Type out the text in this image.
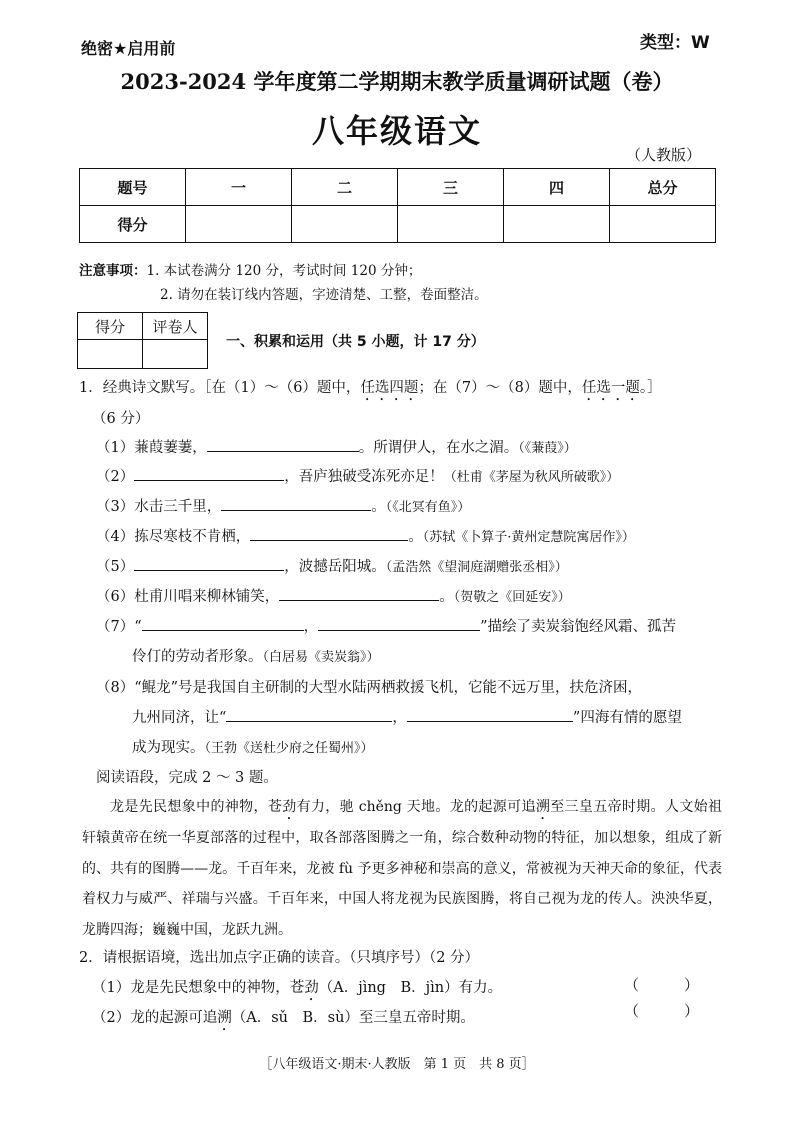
绝密★启用前	类型：W
2023-2024 学年度第二学期期末教学质量调研试题（卷）
八年级语文
（人教版）
题号	一	二	三	四	总分
得分					
注意事项：1. 本试卷满分 120 分，考试时间 120 分钟；
2. 请勿在装订线内答题，字迹清楚、工整，卷面整洁。
得分	评卷人

一、积累和运用（共 5 小题，计 17 分）
1．经典诗文默写。［在（1）～（6）题中，任选四题；在（7）～（8）题中，任选一题。］
（6 分）
（1）蒹葭萋萋，	。所谓伊人，在水之湄。（《蒹葭》）
（2）	，吾庐独破受冻死亦足！（杜甫《茅屋为秋风所破歌》）
（3）水击三千里，	。（《北冥有鱼》）
（4）拣尽寒枝不肯栖，	。（苏轼《卜算子·黄州定慧院寓居作》）
（5）	，波撼岳阳城。（孟浩然《望洞庭湖赠张丞相》）
（6）杜甫川唱来柳林铺笑，	。（贺敬之《回延安》）
（7）“	，	”描绘了卖炭翁饱经风霜、孤苦
伶仃的劳动者形象。（白居易《卖炭翁》）
（8）“鲲龙”号是我国自主研制的大型水陆两栖救援飞机，它能不远万里，扶危济困，
九州同济，让“	，	”四海有情的愿望
成为现实。（王勃《送杜少府之任蜀州》）
阅读语段，完成 2 ～ 3 题。
龙是先民想象中的神物，苍劲有力，驰 chěng 天地。龙的起源可追溯至三皇五帝时期。人文始祖轩辕黄帝在统一华夏部落的过程中，取各部落图腾之一角，综合数种动物的特征，加以想象，组成了新的、共有的图腾——龙。千百年来，龙被 fù 予更多神秘和崇高的意义，常被视为天神天命的象征，代表着权力与威严、祥瑞与兴盛。千百年来，中国人将龙视为民族图腾，将自己视为龙的传人。泱泱华夏，龙腾四海；巍巍中国，龙跃九洲。
2．请根据语境，选出加点字正确的读音。（只填序号）（2 分）
（1）龙是先民想象中的神物，苍劲（A．jìng　B．jìn）有力。	（　　　）
（2）龙的起源可追溯（A．sǔ　B．sù）至三皇五帝时期。	（　　　）
［八年级语文·期末·人教版　第 1 页　共 8 页］
